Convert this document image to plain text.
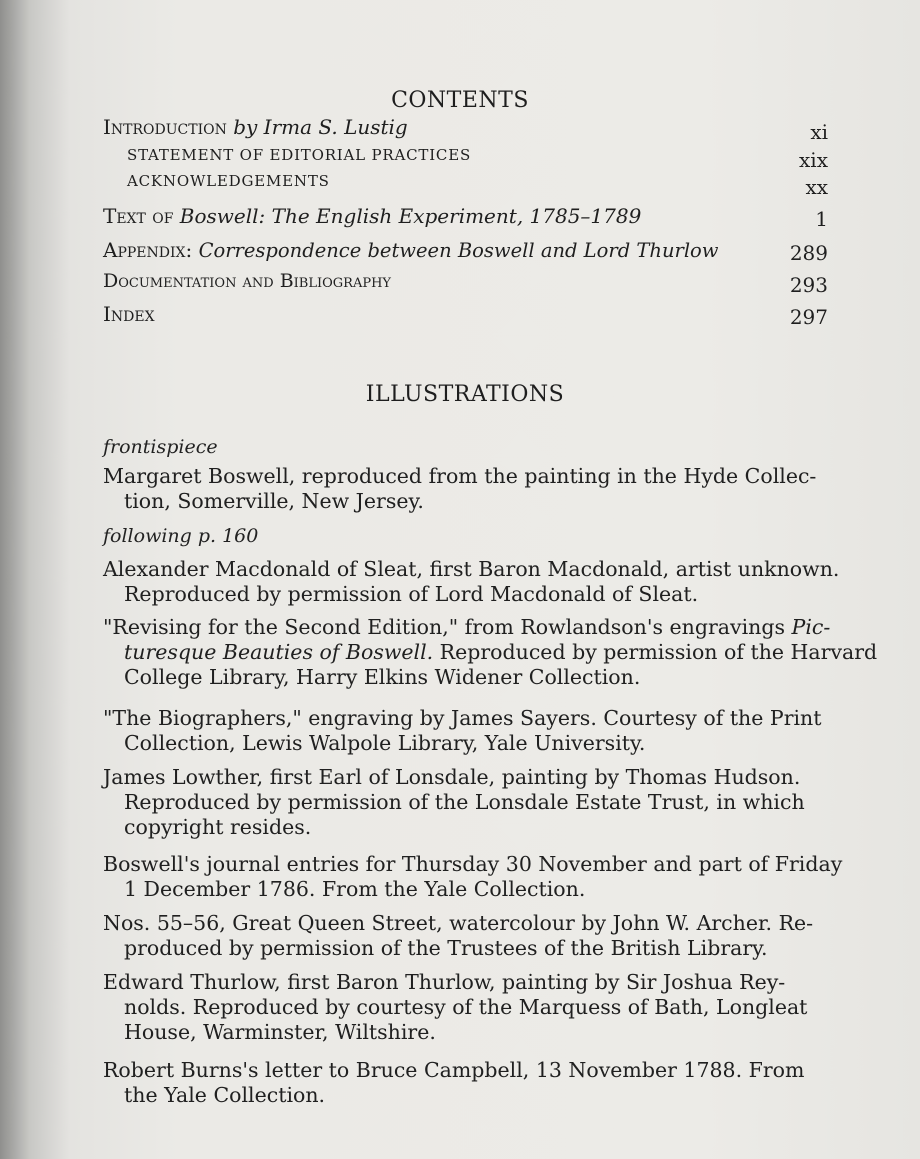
CONTENTS
Introduction by Irma S. Lustig	xi
STATEMENT OF EDITORIAL PRACTICES	xix
ACKNOWLEDGEMENTS	xx
Text of Boswell: The English Experiment, 1785–1789	1
Appendix: Correspondence between Boswell and Lord Thurlow	289
Documentation and Bibliography	293
Index	297
ILLUSTRATIONS
frontispiece
Margaret Boswell, reproduced from the painting in the Hyde Collec-
tion, Somerville, New Jersey.
following p. 160
Alexander Macdonald of Sleat, first Baron Macdonald, artist unknown.
Reproduced by permission of Lord Macdonald of Sleat.
"Revising for the Second Edition," from Rowlandson's engravings Pic-
turesque Beauties of Boswell. Reproduced by permission of the Harvard
College Library, Harry Elkins Widener Collection.
"The Biographers," engraving by James Sayers. Courtesy of the Print
Collection, Lewis Walpole Library, Yale University.
James Lowther, first Earl of Lonsdale, painting by Thomas Hudson.
Reproduced by permission of the Lonsdale Estate Trust, in which
copyright resides.
Boswell's journal entries for Thursday 30 November and part of Friday
1 December 1786. From the Yale Collection.
Nos. 55–56, Great Queen Street, watercolour by John W. Archer. Re-
produced by permission of the Trustees of the British Library.
Edward Thurlow, first Baron Thurlow, painting by Sir Joshua Rey-
nolds. Reproduced by courtesy of the Marquess of Bath, Longleat
House, Warminster, Wiltshire.
Robert Burns's letter to Bruce Campbell, 13 November 1788. From
the Yale Collection.
